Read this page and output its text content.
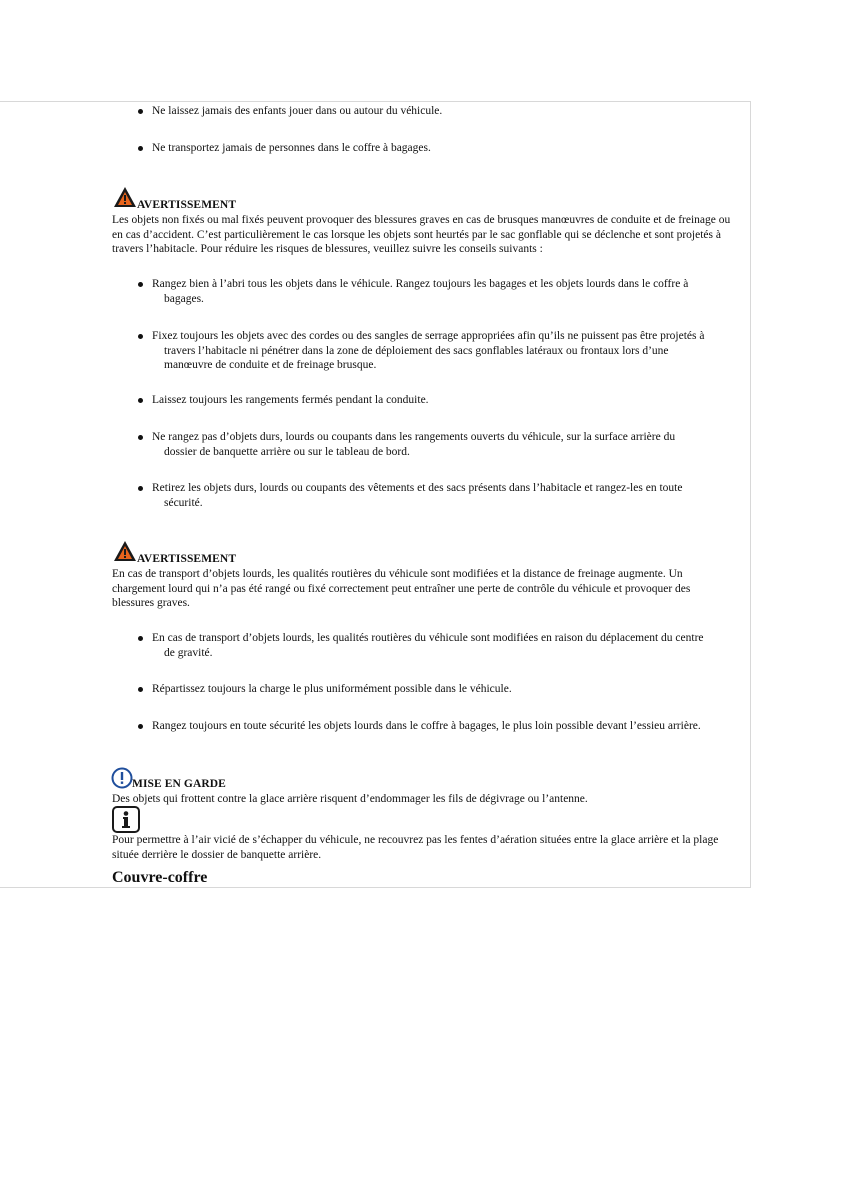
Ne laissez jamais des enfants jouer dans ou autour du véhicule.
Ne transportez jamais de personnes dans le coffre à bagages.
AVERTISSEMENT
Les objets non fixés ou mal fixés peuvent provoquer des blessures graves en cas de brusques manœuvres de conduite et de freinage ou en cas d’accident. C’est particulièrement le cas lorsque les objets sont heurtés par le sac gonflable qui se déclenche et sont projetés à travers l’habitacle. Pour réduire les risques de blessures, veuillez suivre les conseils suivants :
Rangez bien à l’abri tous les objets dans le véhicule. Rangez toujours les bagages et les objets lourds dans le coffre à
bagages.
Fixez toujours les objets avec des cordes ou des sangles de serrage appropriées afin qu’ils ne puissent pas être projetés à
travers l’habitacle ni pénétrer dans la zone de déploiement des sacs gonflables latéraux ou frontaux lors d’une
manœuvre de conduite et de freinage brusque.
Laissez toujours les rangements fermés pendant la conduite.
Ne rangez pas d’objets durs, lourds ou coupants dans les rangements ouverts du véhicule, sur la surface arrière du
dossier de banquette arrière ou sur le tableau de bord.
Retirez les objets durs, lourds ou coupants des vêtements et des sacs présents dans l’habitacle et rangez-les en toute
sécurité.
AVERTISSEMENT
En cas de transport d’objets lourds, les qualités routières du véhicule sont modifiées et la distance de freinage augmente. Un chargement lourd qui n’a pas été rangé ou fixé correctement peut entraîner une perte de contrôle du véhicule et provoquer des blessures graves.
En cas de transport d’objets lourds, les qualités routières du véhicule sont modifiées en raison du déplacement du centre
de gravité.
Répartissez toujours la charge le plus uniformément possible dans le véhicule.
Rangez toujours en toute sécurité les objets lourds dans le coffre à bagages, le plus loin possible devant l’essieu arrière.
MISE EN GARDE
Des objets qui frottent contre la glace arrière risquent d’endommager les fils de dégivrage ou l’antenne.
Pour permettre à l’air vicié de s’échapper du véhicule, ne recouvrez pas les fentes d’aération situées entre la glace arrière et la plage située derrière le dossier de banquette arrière.
Couvre-coffre
